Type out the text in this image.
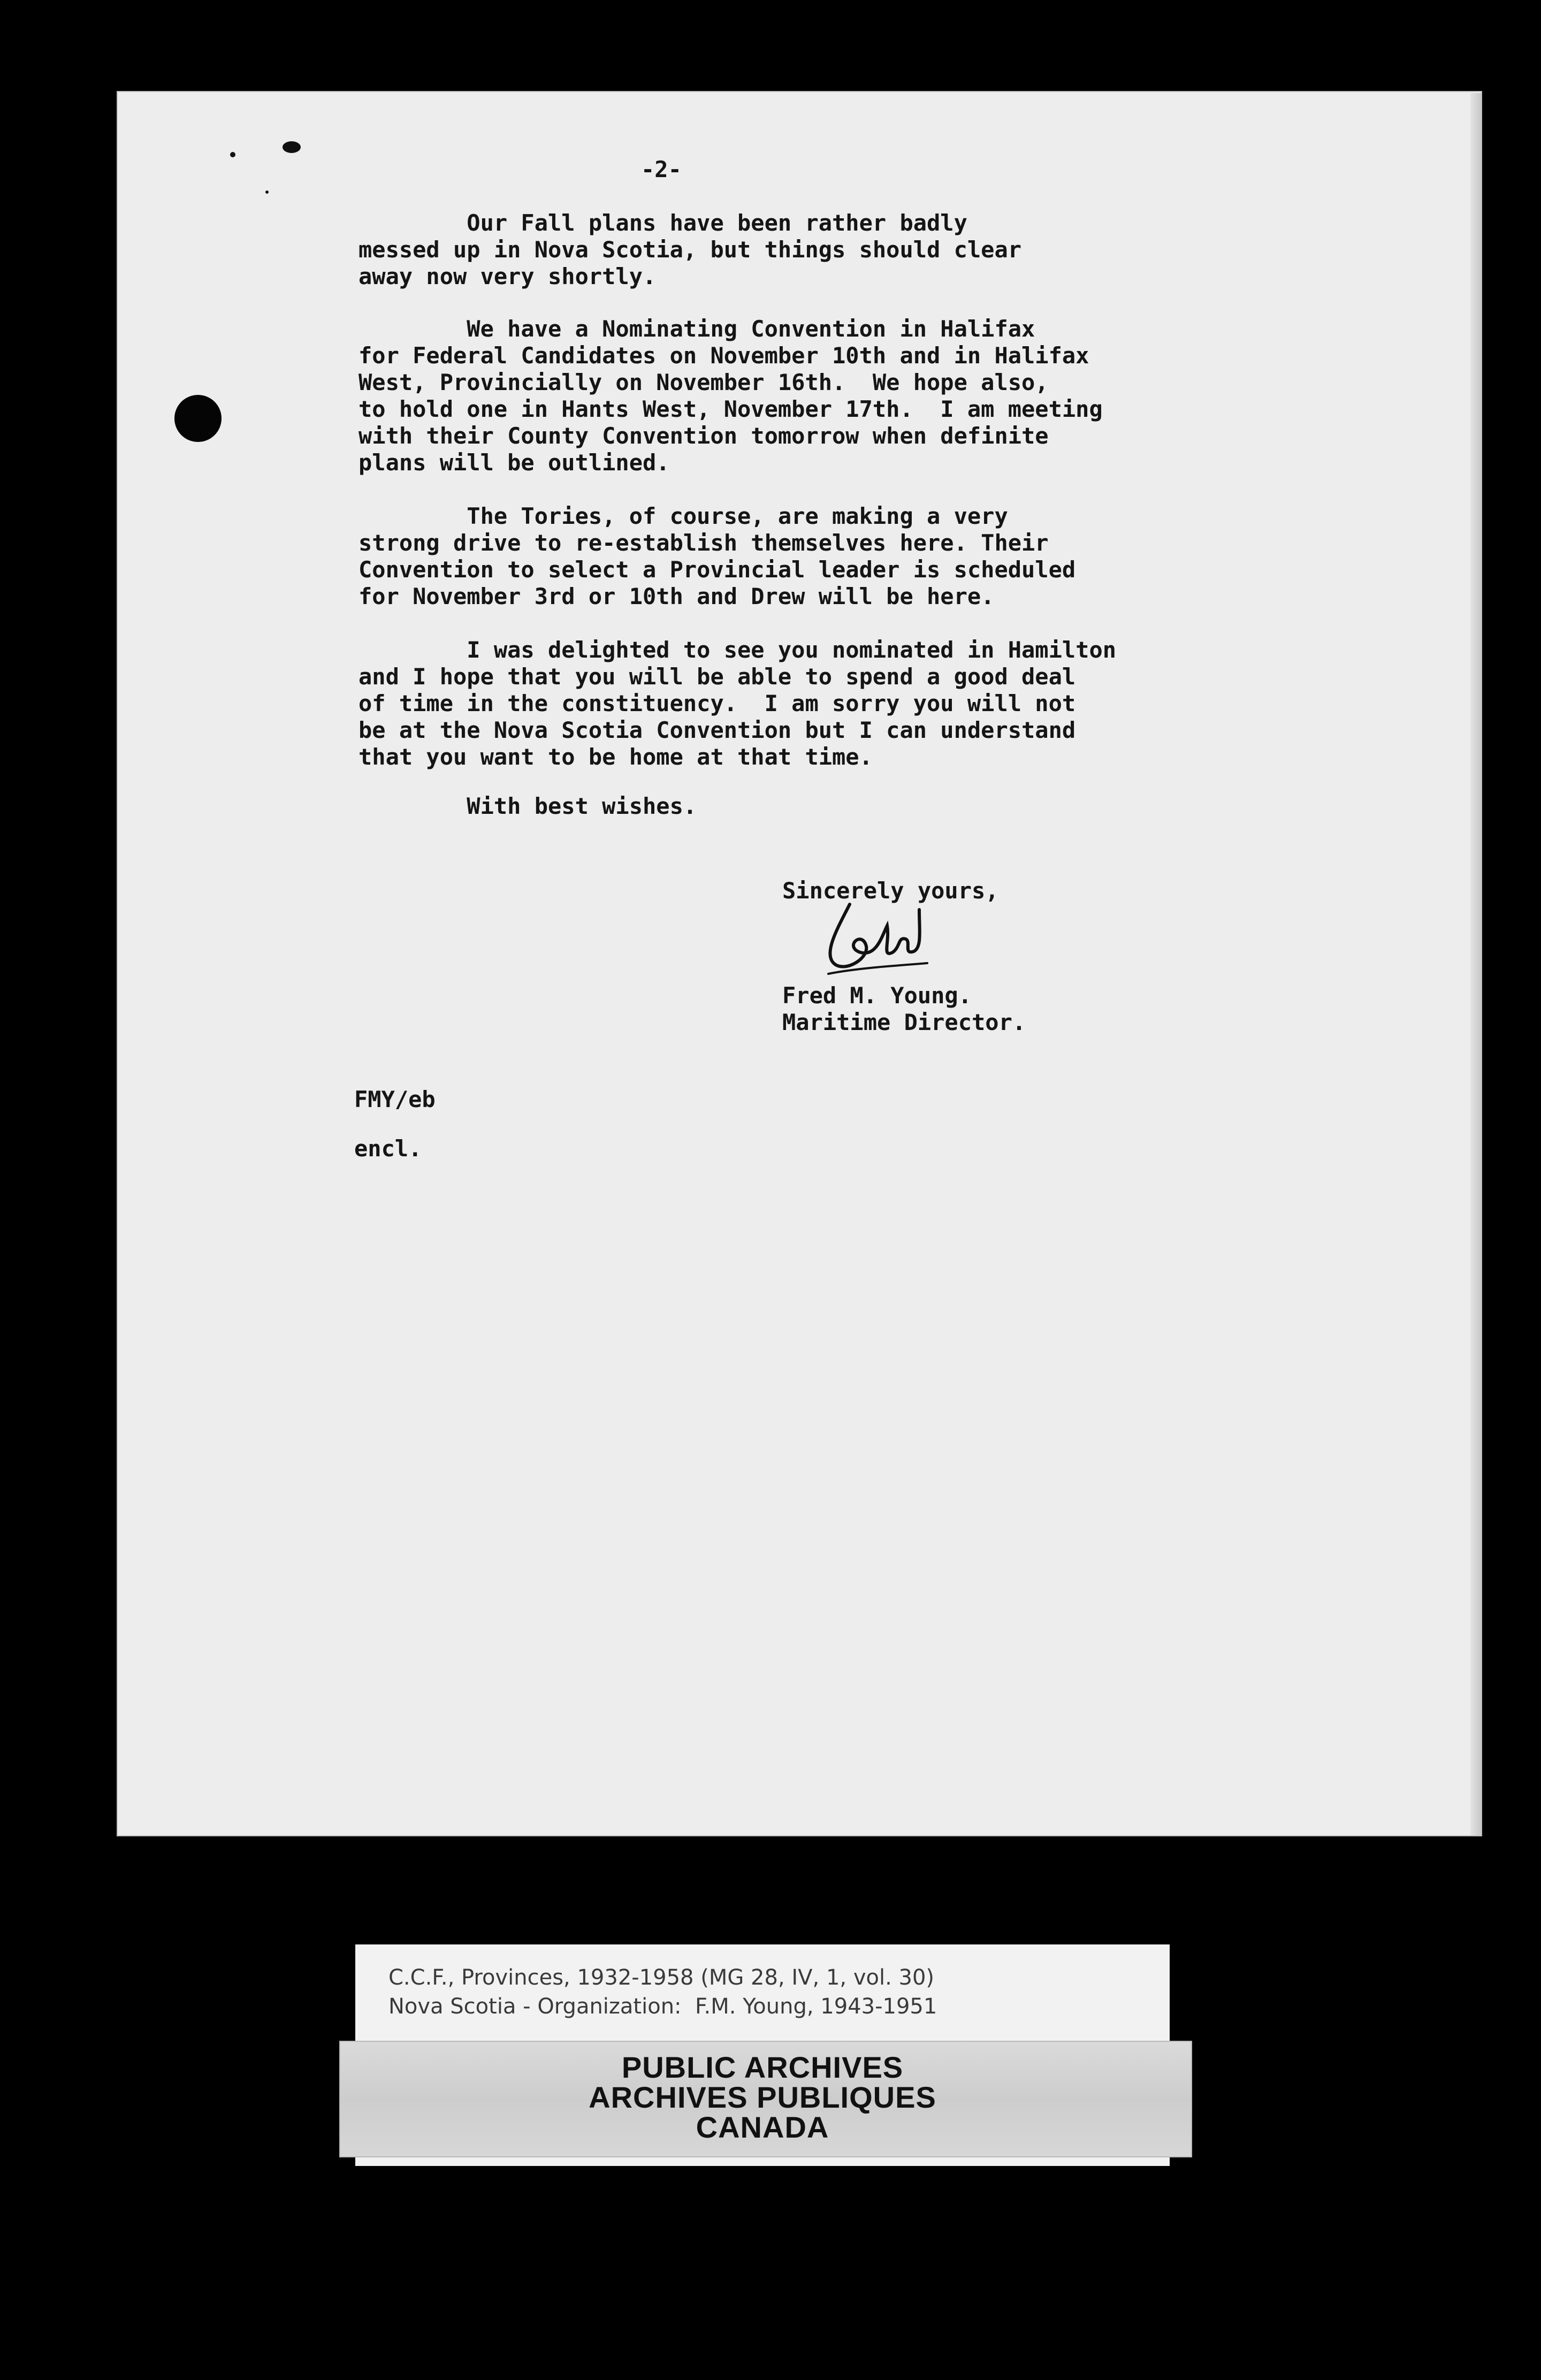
-2-
Our Fall plans have been rather badly
messed up in Nova Scotia, but things should clear
away now very shortly.
We have a Nominating Convention in Halifax
for Federal Candidates on November 10th and in Halifax
West, Provincially on November 16th.  We hope also,
to hold one in Hants West, November 17th.  I am meeting
with their County Convention tomorrow when definite
plans will be outlined.
The Tories, of course, are making a very
strong drive to re-establish themselves here. Their
Convention to select a Provincial leader is scheduled
for November 3rd or 10th and Drew will be here.
I was delighted to see you nominated in Hamilton
and I hope that you will be able to spend a good deal
of time in the constituency.  I am sorry you will not
be at the Nova Scotia Convention but I can understand
that you want to be home at that time.
With best wishes.
Sincerely yours,
Fred M. Young.
Maritime Director.
FMY/eb
encl.
C.C.F., Provinces, 1932-1958 (MG 28, IV, 1, vol. 30)
Nova Scotia - Organization:  F.M. Young, 1943-1951
PUBLIC ARCHIVES
ARCHIVES PUBLIQUES
CANADA
